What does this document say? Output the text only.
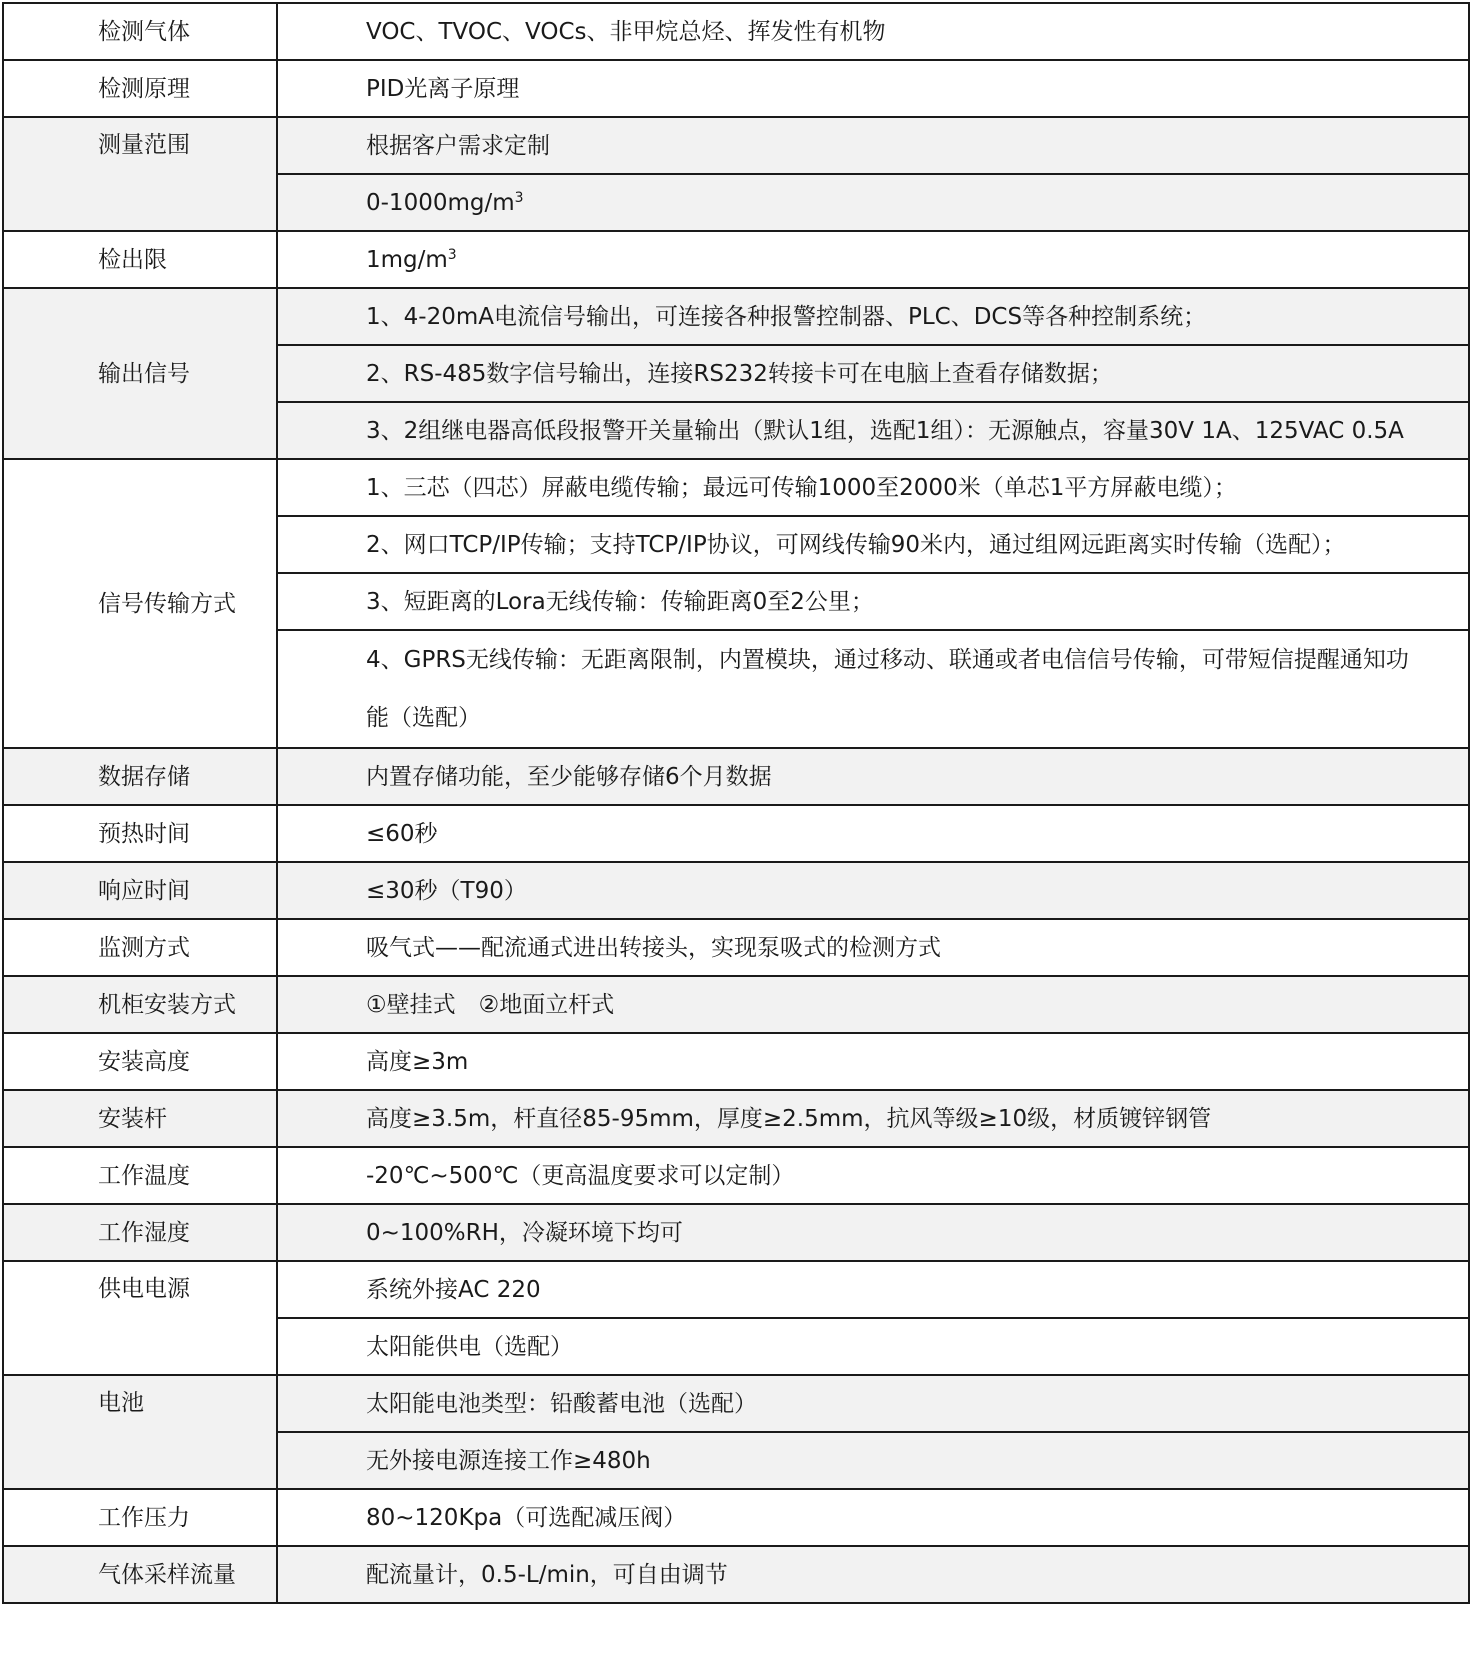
检测气体	VOC、TVOC、VOCs、非甲烷总烃、挥发性有机物
检测原理	PID光离子原理
测量范围	根据客户需求定制
	$0-1000mg/m^3$
检出限	$1mg/m^3$
输出信号	1、4-20mA电流信号输出，可连接各种报警控制器、PLC、DCS等各种控制系统；
	2、RS-485数字信号输出，连接RS232转接卡可在电脑上查看存储数据；
	3、2组继电器高低段报警开关量输出（默认1组，选配1组）：无源触点，容量30V 1A、125VAC 0.5A
信号传输方式	1、三芯（四芯）屏蔽电缆传输；最远可传输1000至2000米（单芯1平方屏蔽电缆）；
	2、网口TCP/IP传输；支持TCP/IP协议，可网线传输90米内，通过组网远距离实时传输（选配）；
	3、短距离的Lora无线传输：传输距离0至2公里；
	4、GPRS无线传输：无距离限制，内置模块，通过移动、联通或者电信信号传输，可带短信提醒通知功能（选配）
数据存储	内置存储功能，至少能够存储6个月数据
预热时间	≤60秒
响应时间	≤30秒（T90）
监测方式	吸气式——配流通式进出转接头，实现泵吸式的检测方式
机柜安装方式	①壁挂式　②地面立杆式
安装高度	高度≥3m
安装杆	高度≥3.5m，杆直径85-95mm，厚度≥2.5mm，抗风等级≥10级，材质镀锌钢管
工作温度	-20℃~500℃（更高温度要求可以定制）
工作湿度	0~100%RH，冷凝环境下均可
供电电源	系统外接AC 220
	太阳能供电（选配）
电池	太阳能电池类型：铅酸蓄电池（选配）
	无外接电源连接工作≥480h
工作压力	80~120Kpa（可选配减压阀）
气体采样流量	配流量计，0.5-L/min，可自由调节
